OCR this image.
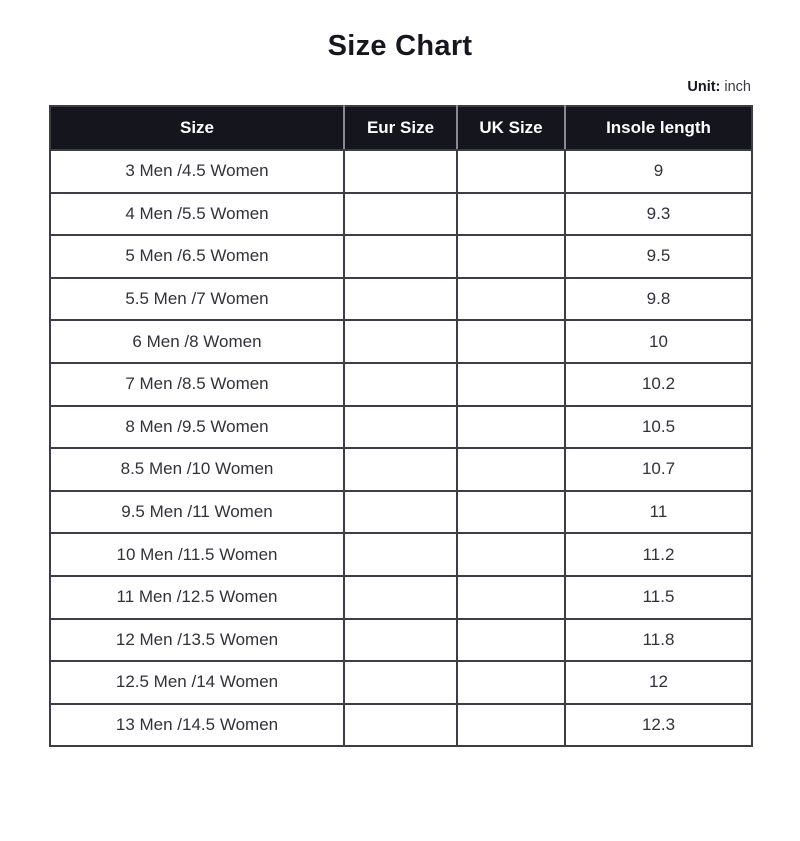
Size Chart
Unit: inch
Size	Eur Size	UK Size	Insole length
3 Men /4.5 Women			9
4 Men /5.5 Women			9.3
5 Men /6.5 Women			9.5
5.5 Men /7 Women			9.8
6 Men /8 Women			10
7 Men /8.5 Women			10.2
8 Men /9.5 Women			10.5
8.5 Men /10 Women			10.7
9.5 Men /11 Women			11
10 Men /11.5 Women			11.2
11 Men /12.5 Women			11.5
12 Men /13.5 Women			11.8
12.5 Men /14 Women			12
13 Men /14.5 Women			12.3
